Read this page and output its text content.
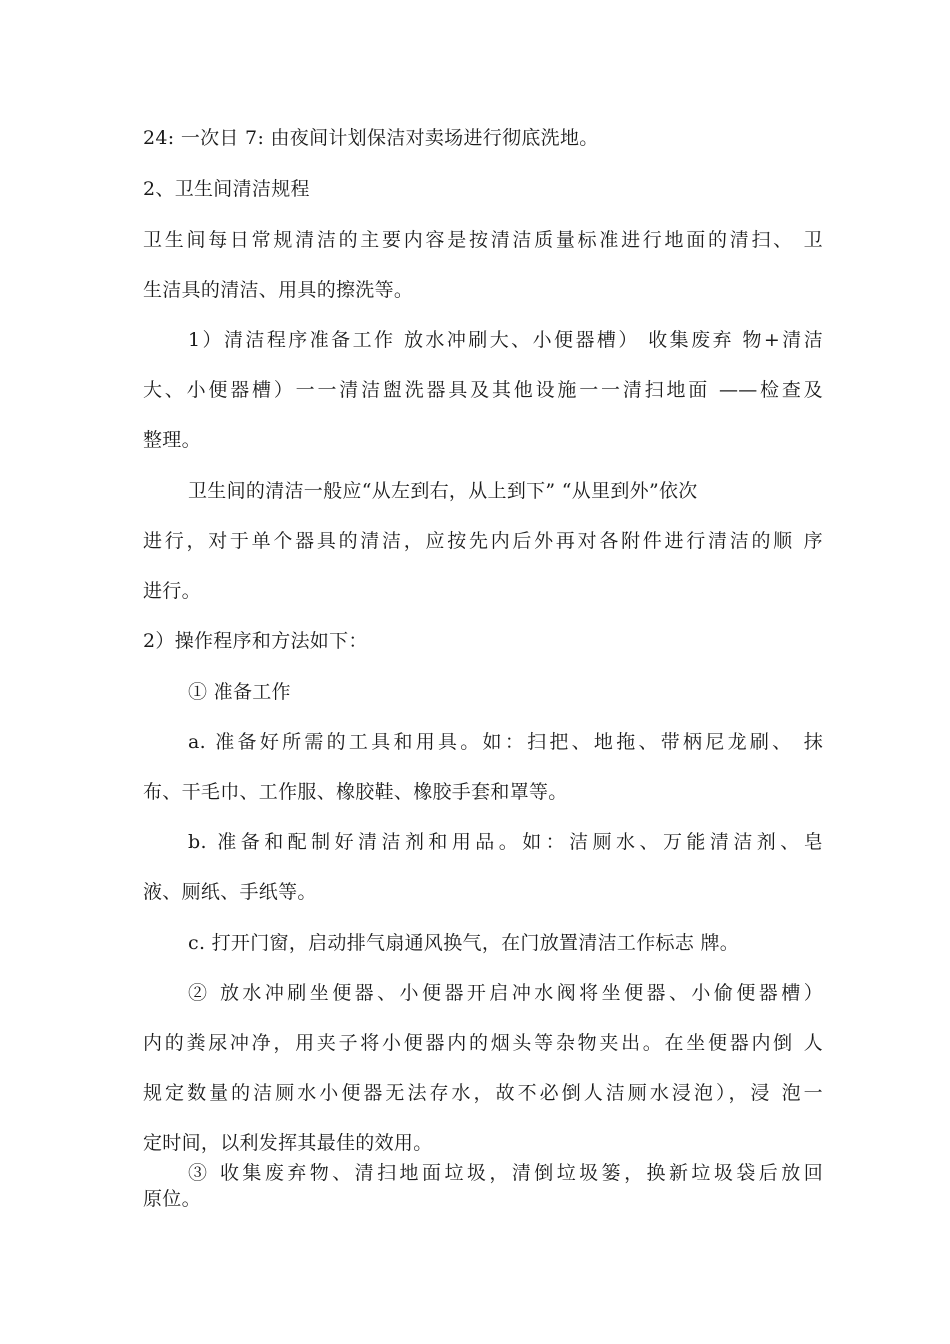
24: 一次日 7: 由夜间计划保洁对卖场进行彻底洗地。
2、卫生间清洁规程
卫生间每日常规清洁的主要内容是按清洁质量标准进行地面的清扫、 卫
生洁具的清洁、用具的擦洗等。
1）清洁程序准备工作 放水冲刷大、小便器槽） 收集废弃 物+清洁
大、小便器槽）一一清洁盥洗器具及其他设施一一清扫地面 ——检查及
整理。
卫生间的清洁一般应“从左到右，从上到下” “从里到外”依次
进行，对于单个器具的清洁，应按先内后外再对各附件进行清洁的顺 序
进行。
2）操作程序和方法如下：
① 准备工作
a. 准备好所需的工具和用具。如：扫把、地拖、带柄尼龙刷、 抹
布、干毛巾、工作服、橡胶鞋、橡胶手套和罩等。
b. 准备和配制好清洁剂和用品。如：洁厕水、万能清洁剂、皂
液、厕纸、手纸等。
c. 打开门窗，启动排气扇通风换气，在门放置清洁工作标志 牌。
② 放水冲刷坐便器、小便器开启冲水阀将坐便器、小偷便器槽）
内的粪尿冲净，用夹子将小便器内的烟头等杂物夹出。在坐便器内倒 人
规定数量的洁厕水小便器无法存水，故不必倒人洁厕水浸泡），浸 泡一
定时间，以利发挥其最佳的效用。
③ 收集废弃物、清扫地面垃圾，清倒垃圾篓，换新垃圾袋后放回
原位。
